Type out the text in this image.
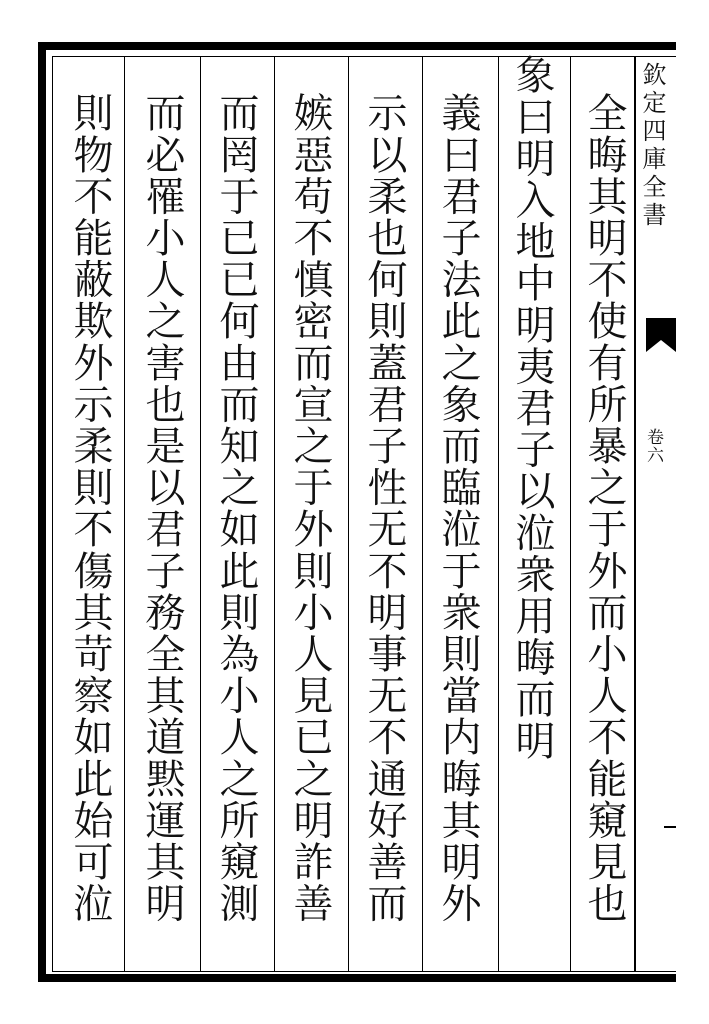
欽定四庫全書
卷六
全晦其明不使有所暴之于外而小人不能窺見也
象曰明入地中明夷君子以涖衆用晦而明
義曰君子法此之象而臨涖于衆則當内晦其明外
示以柔也何則蓋君子性无不明事无不通好善而
嫉惡苟不慎密而宣之于外則小人見已之明詐善
而罔于已已何由而知之如此則為小人之所窺測
而必罹小人之害也是以君子務全其道黙運其明
則物不能蔽欺外示柔則不傷其苛察如此始可涖
